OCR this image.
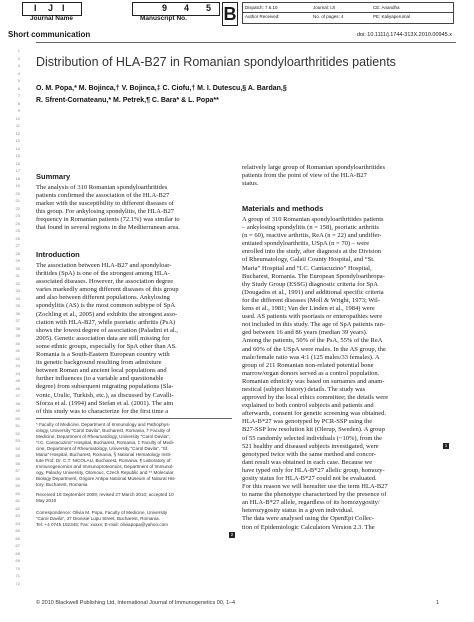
I J I	9 4 5
Journal Name	Manuscript No. B	Dispatch: 7.6.10	Journal: IJI	CE: Anandha
Author Received:	No. of pages: 4	PE: Kaliyaperumal
Short communication	doi: 10.1111/j.1744-313X.2010.00945.x
1
2
3
4
5
6
7
8
9
10
11
12
13
14
15
16
17
18
19
20
21
22
23
24
25
26
27
28
29
30
31
32
33
34
35
36
37
38
39
40
41
42
43
44
45
46
47
48
49
50
51
52
53
54
55
56
57
58
59
60
61
62
63
64
65
66
67
68
69
70
71
72
Distribution of HLA-B27 in Romanian spondyloarthritides patients
O. M. Popa,* M. Bojinca,† V. Bojinca,‡ C. Ciofu,† M. I. Dutescu,§ A. Bardan,§
R. Sfrent-Cornateanu,* M. Petrek,¶ C. Bara* & L. Popa**
Summary
The analysis of 310 Romanian spondyloarthritides
patients confirmed the association of the HLA-B27
marker with the susceptibility to different diseases of
this group. For ankylosing spondylitis, the HLA-B27
frequency in Romanian patients (72.1%) was similar to
that found in several regions in the Mediterranean area.
Introduction
The association between HLA-B27 and spondyloar-
thritides (SpA) is one of the strongest among HLA-
associated diseases. However, the association degree
varies markedly among different diseases of this group
and also between different populations. Ankylosing
spondylitis (AS) is the most common subtype of SpA
(Zochling et al., 2005) and exhibits the strongest asso-
ciation with HLA-B27, while psoriatic arthritis (PsA)
shows the lowest degree of association (Paladini et al.,
2005). Genetic association data are still missing for
some ethnic groups, especially for SpA other than AS.
Romania is a South-Eastern European country with
its genetic background resulting from admixture
between Roman and ancient local populations and
further influences (to a variable and questionable
degree) from subsequent migrating populations (Sla-
vonic, Uralic, Turkish, etc.), as discussed by Cavalli-
Sforza et al. (1994) and Stefan et al. (2001). The aim
of this study was to characterize for the first time a
* Faculty of Medicine, Department of Immunology and Pathophys-
iology, University “Carol Davila”, Bucharest, Romania, † Faculty of
Medicine, Department of Rheumatology, University “Carol Davila”,
“I.C. Cantacuzino” Hospital, Bucharest, Romania, ‡ Faculty of Medi-
cine, Department of Rheumatology, University “Carol Davila”, “Sf.
Maria” Hospital, Bucharest, Romania, § National Hematology Insti-
tute Prof. Dr. C.T. NICOLAU, Bucharest, Romania, ¶ Laboratory of
Immunogenomics and Immunoproteomics, Department of Immunol-
ogy, Palacky University, Olomouc, Czech Republic and ** Molecular
Biology Department, Grigore Antipa National Museum of Natural His-
tory, Bucharest, Romania
Received 18 September 2009; revised 27 March 2010; accepted 10
May 2010
Correspondence: Olivia M. Popa, Faculty of Medicine, University
“Carol Davila”, 37 Dionisie Lupu Street, Bucharest, Romania.
Tel: +4 0745 152345; Fax: xxxxx; E-mail: oliviapopa@yahoo.com
relatively large group of Romanian spondyloarthritides
patients from the point of view of the HLA-B27
status.
Materials and methods
A group of 310 Romanian spondyloarthritides patients
– ankylosing spondylitis (n = 158), psoriatic arthritis
(n = 60), reactive arthritis, ReA (n = 22) and undiffer-
entiated spondyloarthritis, USpA (n = 70) – were
enrolled into the study, after diagnosis at the Division
of Rheumatology, Galati County Hospital, and “St.
Maria” Hospital and “I.C. Cantacuzino” Hospital,
Bucharest, Romania. The European Spondyloarthropa-
thy Study Group (ESSG) diagnostic criteria for SpA
(Dougados et al., 1991) and additional specific criteria
for the different diseases (Moll & Wright, 1973; Wil-
kens et al., 1981; Van der Linden et al., 1984) were
used. AS patients with psoriasis or enteropathies were
not included in this study. The age of SpA patients ran-
ged between 16 and 86 years (median 39 years).
Among the patients, 50% of the PsA, 55% of the ReA
and 60% of the USpA were males. In the AS group, the
male/female ratio was 4:1 (125 males/33 females). A
group of 211 Romanian non-related potential bone
marrow/organ donors served as a control population.
Romanian ethnicity was based on surnames and anam-
nestical (subject history) details. The study was
approved by the local ethics committee; the details were
explained to both control subjects and patients and
afterwards, consent for genetic screening was obtained.
HLA-B*27 was genotyped by PCR-SSP using the
B27-SSP low resolution kit (Olerup, Sweden). A group
of 55 randomly selected individuals (~10%), from the
521 healthy and diseased subjects investigated, were
genotyped twice with the same method and concor-
dant result was obtained in each case. Because we
have typed only for HLA-B*27 allelic group, homozy-
gosity status for HLA-B*27 could not be evaluated.
For this reason we will hereafter use the term HLA-B27
to name the phenotype characterized by the presence of
an HLA-B*27 allele, regardless of its homozygosity/
heterozygosity status in a given individual.
The data were analysed using the OpenEpi Collec-
tion of Epidemiologic Calculators Version 2.3. The
1
2
© 2010 Blackwell Publishing Ltd, International Journal of Immunogenetics 00, 1–4	1
